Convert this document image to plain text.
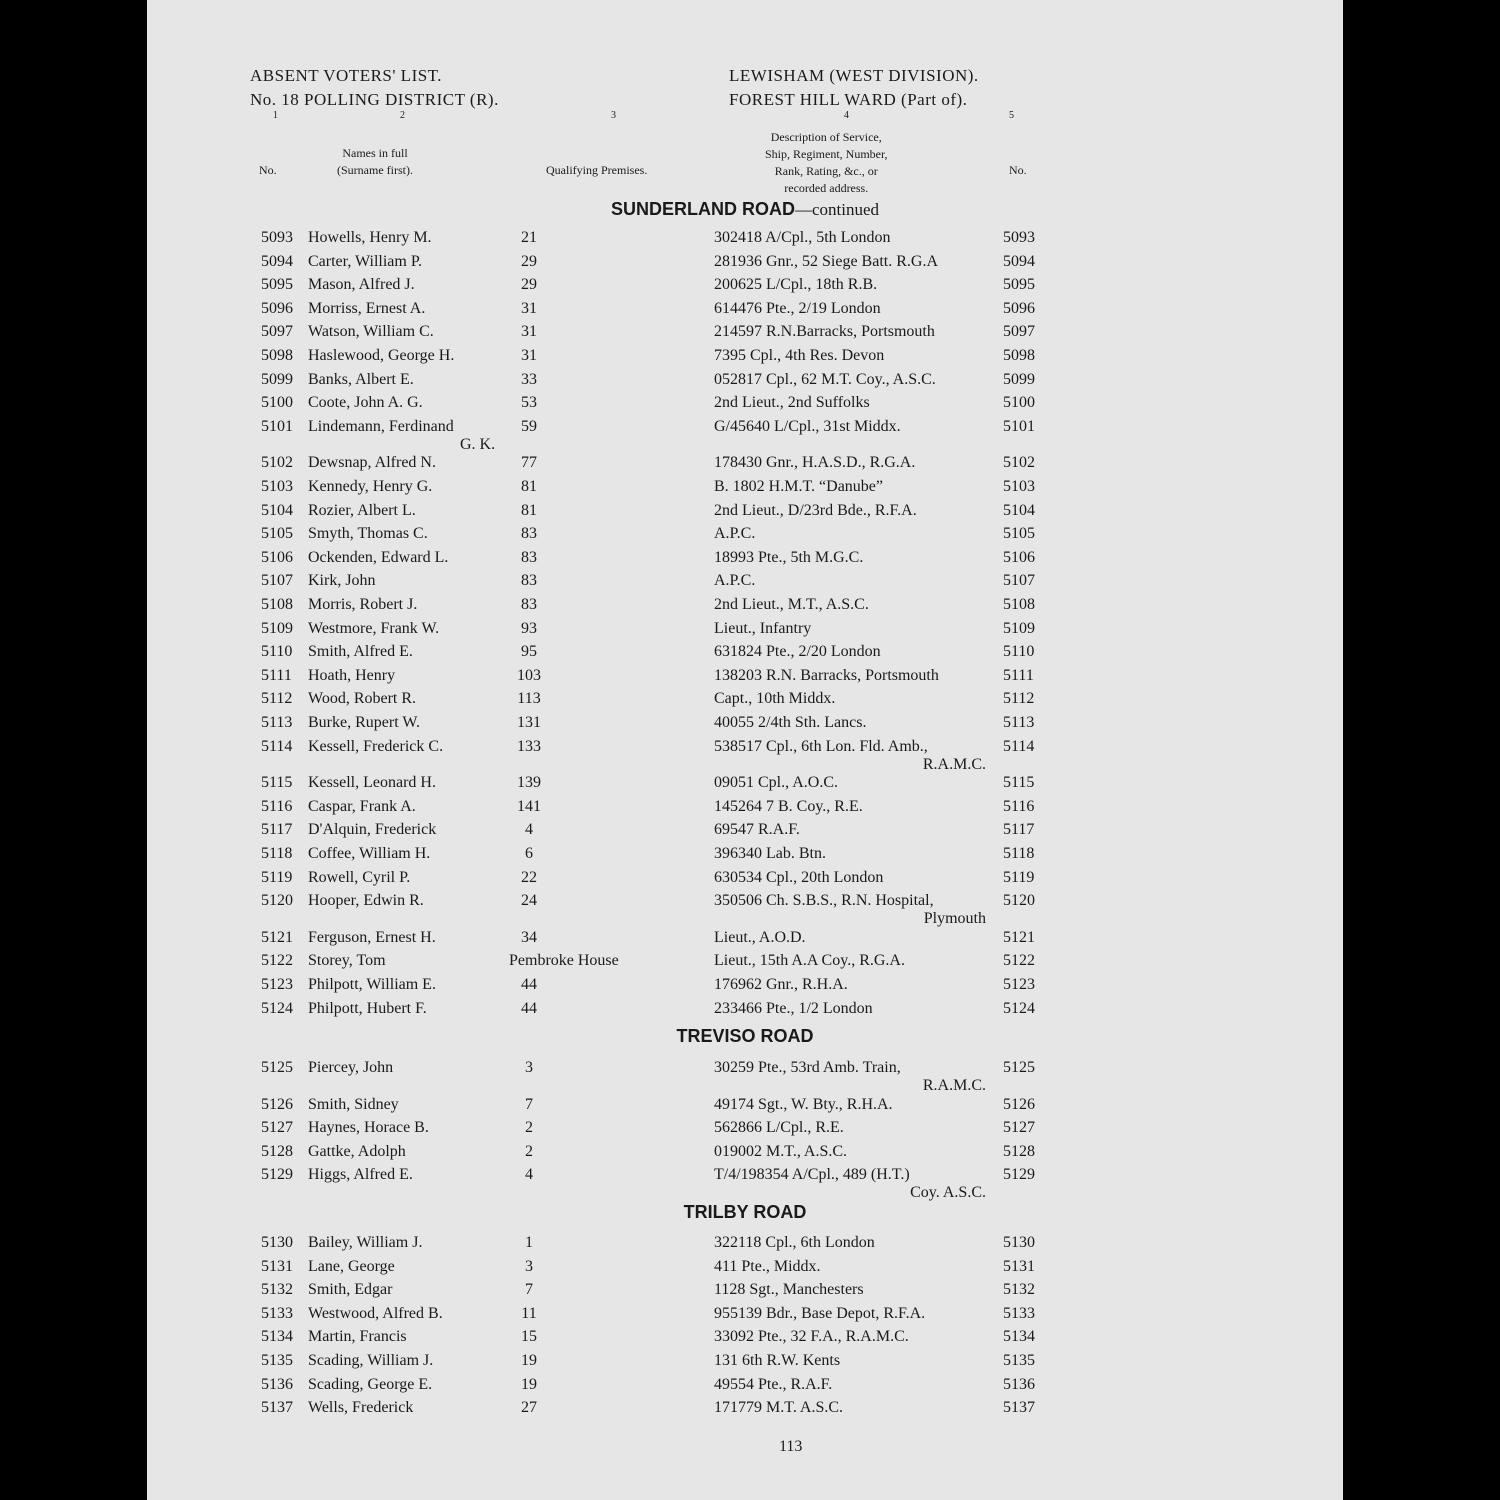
ABSENT VOTERS' LIST.
No. 18 POLLING DISTRICT (R).
LEWISHAM (WEST DIVISION).
FOREST HILL WARD (Part of).
1	2	3	4	5
No.
Names in full
(Surname first).	Qualifying Premises.
Description of Service,
Ship, Regiment, Number,
Rank, Rating, &c., or
recorded address.
No.
SUNDERLAND ROAD—continued
5093 Howells, Henry M.	21	302418 A/Cpl., 5th London	5093
5094 Carter, William P.	29	281936 Gnr., 52 Siege Batt. R.G.A	5094
5095 Mason, Alfred J.	29	200625 L/Cpl., 18th R.B.	5095
5096 Morriss, Ernest A.	31	614476 Pte., 2/19 London	5096
5097 Watson, William C.	31	214597 R.N.Barracks, Portsmouth	5097
5098 Haslewood, George H.	31	7395 Cpl., 4th Res. Devon	5098
5099 Banks, Albert E.	33	052817 Cpl., 62 M.T. Coy., A.S.C.	5099
5100 Coote, John A. G.	53	2nd Lieut., 2nd Suffolks	5100
5101 Lindemann, Ferdinand	59	G/45640 L/Cpl., 31st Middx.	5101
G. K.
5102 Dewsnap, Alfred N.	77	178430 Gnr., H.A.S.D., R.G.A.	5102
5103 Kennedy, Henry G.	81	B. 1802 H.M.T. “Danube”	5103
5104 Rozier, Albert L.	81	2nd Lieut., D/23rd Bde., R.F.A.	5104
5105 Smyth, Thomas C.	83	A.P.C.	5105
5106 Ockenden, Edward L.	83	18993 Pte., 5th M.G.C.	5106
5107 Kirk, John	83	A.P.C.	5107
5108 Morris, Robert J.	83	2nd Lieut., M.T., A.S.C.	5108
5109 Westmore, Frank W.	93	Lieut., Infantry	5109
5110 Smith, Alfred E.	95	631824 Pte., 2/20 London	5110
5111 Hoath, Henry	103	138203 R.N. Barracks, Portsmouth	5111
5112 Wood, Robert R.	113	Capt., 10th Middx.	5112
5113 Burke, Rupert W.	131	40055 2/4th Sth. Lancs.	5113
5114 Kessell, Frederick C.	133	538517 Cpl., 6th Lon. Fld. Amb.,	5114
R.A.M.C.
5115 Kessell, Leonard H.	139	09051 Cpl., A.O.C.	5115
5116 Caspar, Frank A.	141	145264 7 B. Coy., R.E.	5116
5117 D'Alquin, Frederick	4	69547 R.A.F.	5117
5118 Coffee, William H.	6	396340 Lab. Btn.	5118
5119 Rowell, Cyril P.	22	630534 Cpl., 20th London	5119
5120 Hooper, Edwin R.	24	350506 Ch. S.B.S., R.N. Hospital,	5120
Plymouth
5121 Ferguson, Ernest H.	34	Lieut., A.O.D.	5121
5122 Storey, Tom	Pembroke House	Lieut., 15th A.A Coy., R.G.A.	5122
5123 Philpott, William E.	44	176962 Gnr., R.H.A.	5123
5124 Philpott, Hubert F.	44	233466 Pte., 1/2 London	5124
TREVISO ROAD
5125 Piercey, John	3	30259 Pte., 53rd Amb. Train,	5125
R.A.M.C.
5126 Smith, Sidney	7	49174 Sgt., W. Bty., R.H.A.	5126
5127 Haynes, Horace B.	2	562866 L/Cpl., R.E.	5127
5128 Gattke, Adolph	2	019002 M.T., A.S.C.	5128
5129 Higgs, Alfred E.	4	T/4/198354 A/Cpl., 489 (H.T.)	5129
Coy. A.S.C.
TRILBY ROAD
5130 Bailey, William J.	1	322118 Cpl., 6th London	5130
5131 Lane, George	3	411 Pte., Middx.	5131
5132 Smith, Edgar	7	1128 Sgt., Manchesters	5132
5133 Westwood, Alfred B.	11	955139 Bdr., Base Depot, R.F.A.	5133
5134 Martin, Francis	15	33092 Pte., 32 F.A., R.A.M.C.	5134
5135 Scading, William J.	19	131 6th R.W. Kents	5135
5136 Scading, George E.	19	49554 Pte., R.A.F.	5136
5137 Wells, Frederick	27	171779 M.T. A.S.C.	5137
113
